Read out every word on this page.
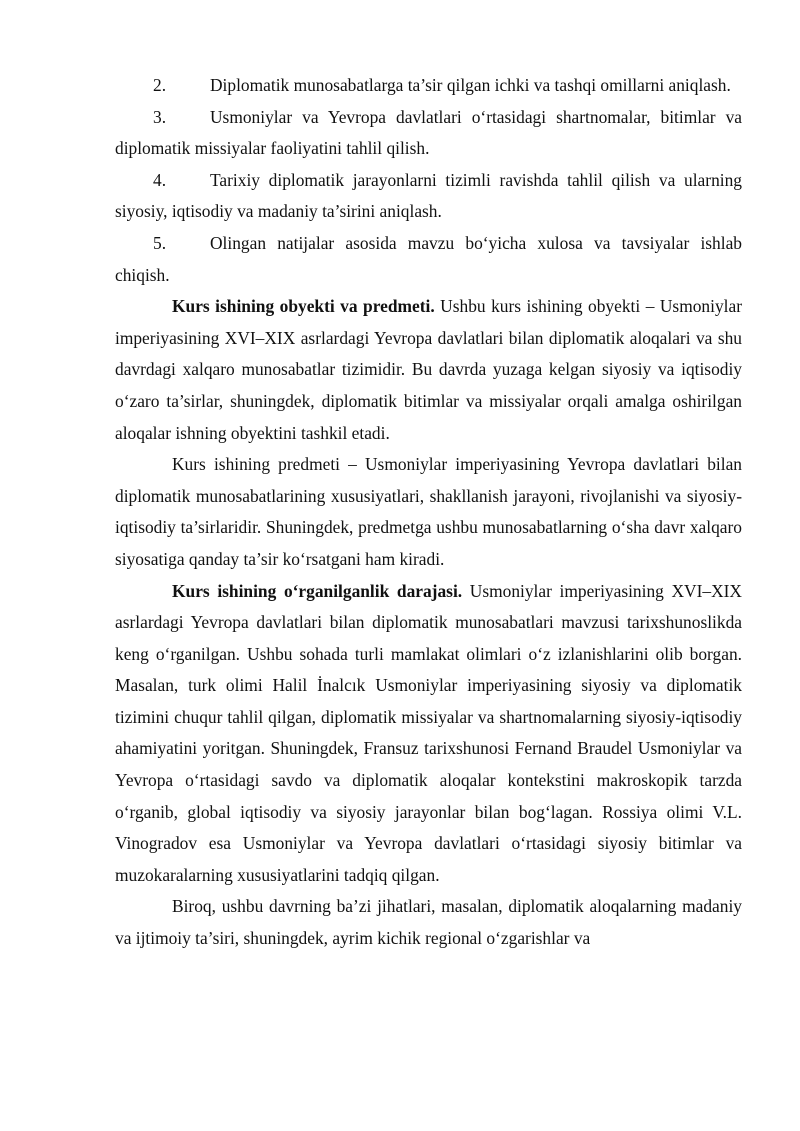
2.	Diplomatik munosabatlarga ta’sir qilgan ichki va tashqi omillarni aniqlash.

3.	Usmoniylar va Yevropa davlatlari o‘rtasidagi shartnomalar, bitimlar va diplomatik missiyalar faoliyatini tahlil qilish.

4.	Tarixiy diplomatik jarayonlarni tizimli ravishda tahlil qilish va ularning siyosiy, iqtisodiy va madaniy ta’sirini aniqlash.

5.	Olingan natijalar asosida mavzu bo‘yicha xulosa va tavsiyalar ishlab chiqish.

Kurs ishining obyekti va predmeti. Ushbu kurs ishining obyekti – Usmoniylar imperiyasining XVI–XIX asrlardagi Yevropa davlatlari bilan diplomatik aloqalari va shu davrdagi xalqaro munosabatlar tizimidir. Bu davrda yuzaga kelgan siyosiy va iqtisodiy o‘zaro ta’sirlar, shuningdek, diplomatik bitimlar va missiyalar orqali amalga oshirilgan aloqalar ishning obyektini tashkil etadi.

Kurs ishining predmeti – Usmoniylar imperiyasining Yevropa davlatlari bilan diplomatik munosabatlarining xususiyatlari, shakllanish jarayoni, rivojlanishi va siyosiy-iqtisodiy ta’sirlaridir. Shuningdek, predmetga ushbu munosabatlarning o‘sha davr xalqaro siyosatiga qanday ta’sir ko‘rsatgani ham kiradi.

Kurs ishining o‘rganilganlik darajasi. Usmoniylar imperiyasining XVI–XIX asrlardagi Yevropa davlatlari bilan diplomatik munosabatlari mavzusi tarixshunoslikda keng o‘rganilgan. Ushbu sohada turli mamlakat olimlari o‘z izlanishlarini olib borgan. Masalan, turk olimi Halil İnalcık Usmoniylar imperiyasining siyosiy va diplomatik tizimini chuqur tahlil qilgan, diplomatik missiyalar va shartnomalarning siyosiy-iqtisodiy ahamiyatini yoritgan. Shuningdek, Fransuz tarixshunosi Fernand Braudel Usmoniylar va Yevropa o‘rtasidagi savdo va diplomatik aloqalar kontekstini makroskopik tarzda o‘rganib, global iqtisodiy va siyosiy jarayonlar bilan bog‘lagan. Rossiya olimi V.L. Vinogradov esa Usmoniylar va Yevropa davlatlari o‘rtasidagi siyosiy bitimlar va muzokaralarning xususiyatlarini tadqiq qilgan.

Biroq, ushbu davrning ba’zi jihatlari, masalan, diplomatik aloqalarning madaniy va ijtimoiy ta’siri, shuningdek, ayrim kichik regional o‘zgarishlar va
